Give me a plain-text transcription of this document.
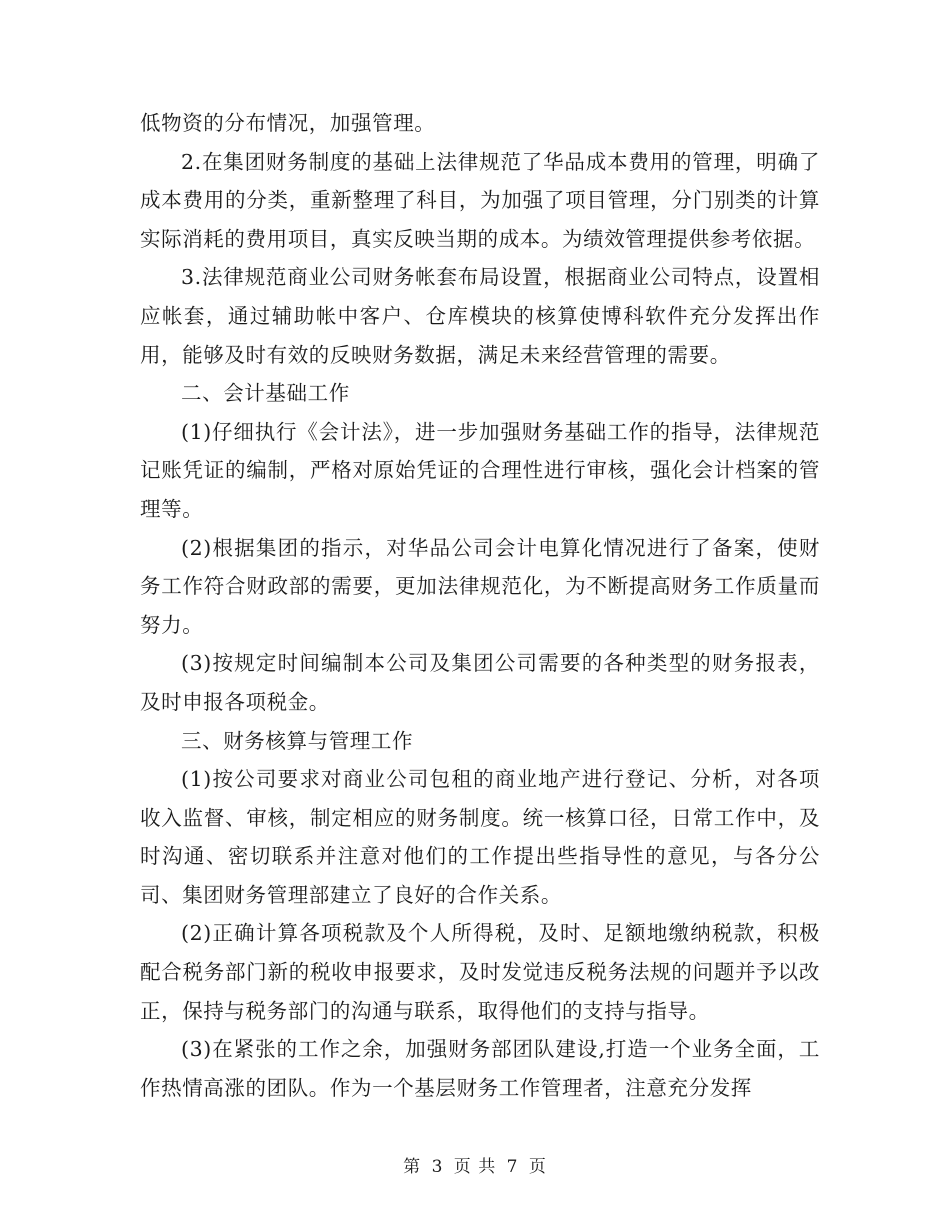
低物资的分布情况，加强管理。

2.在集团财务制度的基础上法律规范了华品成本费用的管理，明确了成本费用的分类，重新整理了科目，为加强了项目管理，分门别类的计算实际消耗的费用项目，真实反映当期的成本。为绩效管理提供参考依据。

3.法律规范商业公司财务帐套布局设置，根据商业公司特点，设置相应帐套，通过辅助帐中客户、仓库模块的核算使博科软件充分发挥出作用，能够及时有效的反映财务数据，满足未来经营管理的需要。

二、会计基础工作

(1)仔细执行《会计法》，进一步加强财务基础工作的指导，法律规范记账凭证的编制，严格对原始凭证的合理性进行审核，强化会计档案的管理等。

(2)根据集团的指示，对华品公司会计电算化情况进行了备案，使财务工作符合财政部的需要，更加法律规范化，为不断提高财务工作质量而努力。

(3)按规定时间编制本公司及集团公司需要的各种类型的财务报表，及时申报各项税金。

三、财务核算与管理工作

(1)按公司要求对商业公司包租的商业地产进行登记、分析，对各项收入监督、审核，制定相应的财务制度。统一核算口径，日常工作中，及时沟通、密切联系并注意对他们的工作提出些指导性的意见，与各分公司、集团财务管理部建立了良好的合作关系。

(2)正确计算各项税款及个人所得税，及时、足额地缴纳税款，积极配合税务部门新的税收申报要求，及时发觉违反税务法规的问题并予以改正，保持与税务部门的沟通与联系，取得他们的支持与指导。

(3)在紧张的工作之余，加强财务部团队建设,打造一个业务全面，工作热情高涨的团队。作为一个基层财务工作管理者，注意充分发挥

第 3 页 共 7 页
